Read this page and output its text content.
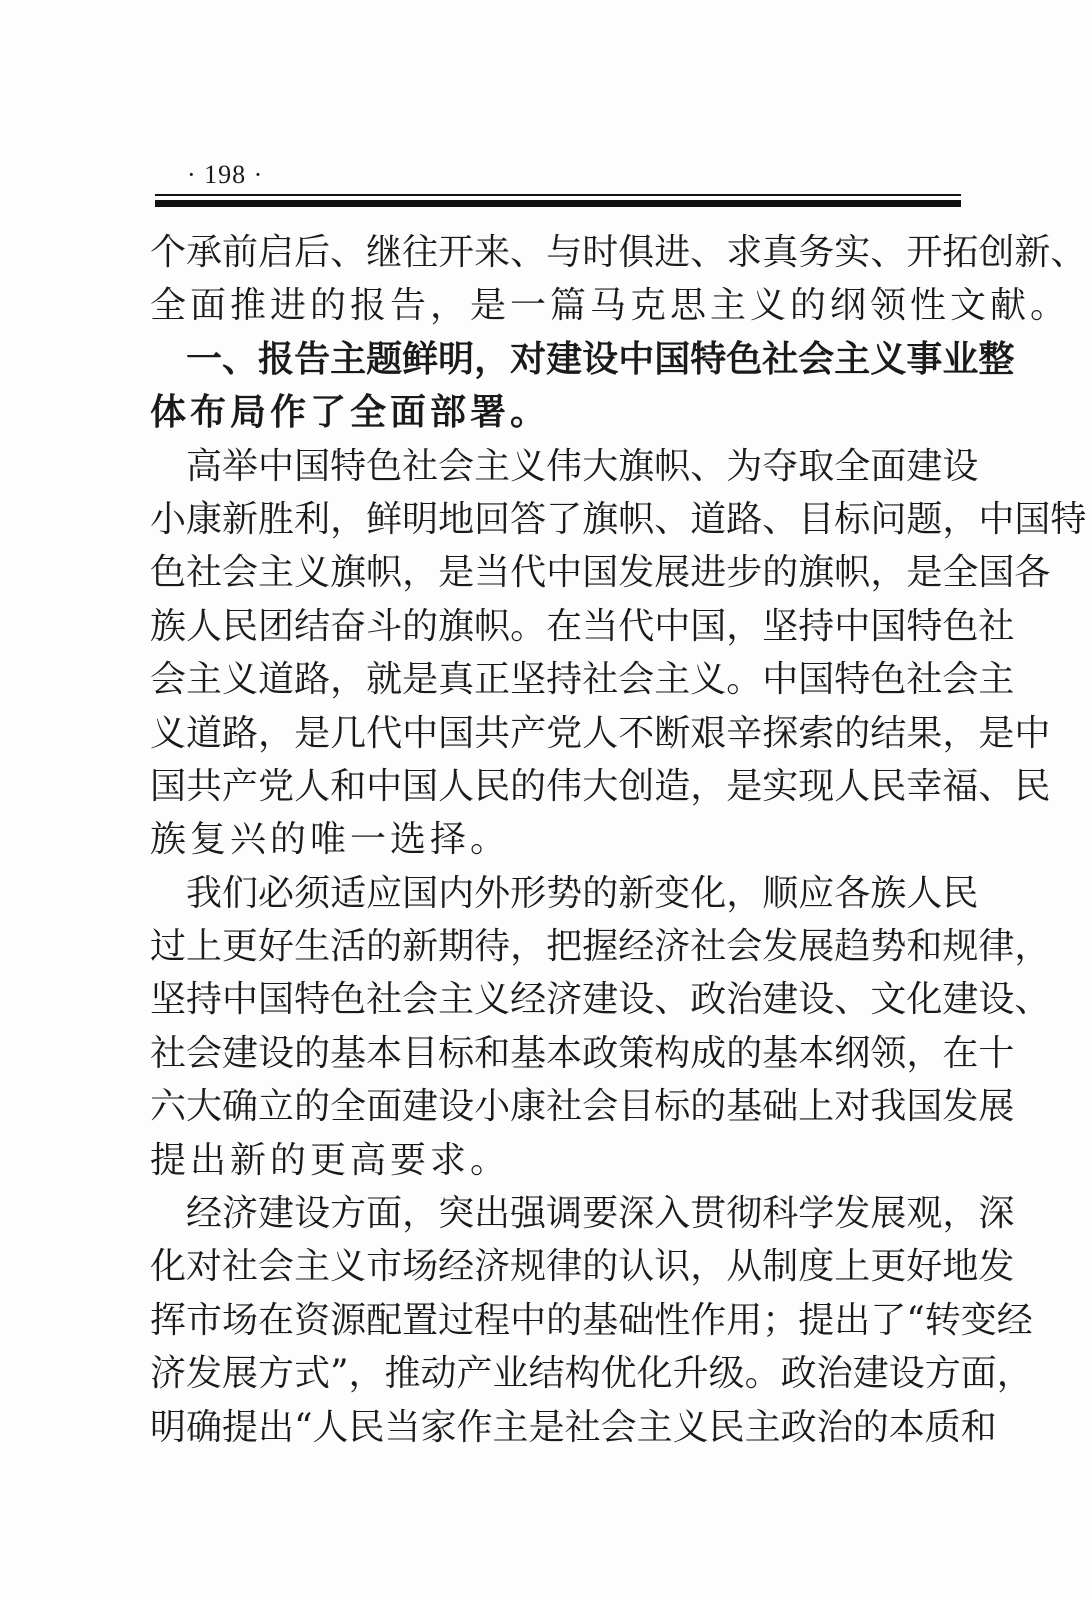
· 198 ·
个 承 前 启 后 、 继 往 开 来 、 与 时 俱 进 、 求 真 务 实 、 开 拓 创 新 、
全面推进的报告，是一篇马克思主义的纲领性文献。

一 、 报 告 主 题 鲜 明 ， 对 建 设 中 国 特 色 社 会 主 义 事 业 整
体布局作了全面部署。

高 举 中 国 特 色 社 会 主 义 伟 大 旗 帜 、 为 夺 取 全 面 建 设
小 康 新 胜 利 ， 鲜 明 地 回 答 了 旗 帜 、 道 路 、 目 标 问 题 ， 中 国 特
色 社 会 主 义 旗 帜 ， 是 当 代 中 国 发 展 进 步 的 旗 帜 ， 是 全 国 各
族 人 民 团 结 奋 斗 的 旗 帜 。 在 当 代 中 国 ， 坚 持 中 国 特 色 社
会 主 义 道 路 ， 就 是 真 正 坚 持 社 会 主 义 。 中 国 特 色 社 会 主
义 道 路 ， 是 几 代 中 国 共 产 党 人 不 断 艰 辛 探 索 的 结 果 ， 是 中
国 共 产 党 人 和 中 国 人 民 的 伟 大 创 造 ， 是 实 现 人 民 幸 福 、 民
族复兴的唯一选择。

我 们 必 须 适 应 国 内 外 形 势 的 新 变 化 ， 顺 应 各 族 人 民
过 上 更 好 生 活 的 新 期 待 ， 把 握 经 济 社 会 发 展 趋 势 和 规 律 ，
坚 持 中 国 特 色 社 会 主 义 经 济 建 设 、 政 治 建 设 、 文 化 建 设 、
社 会 建 设 的 基 本 目 标 和 基 本 政 策 构 成 的 基 本 纲 领 ， 在 十
六 大 确 立 的 全 面 建 设 小 康 社 会 目 标 的 基 础 上 对 我 国 发 展
提出新的更高要求。

经 济 建 设 方 面 ， 突 出 强 调 要 深 入 贯 彻 科 学 发 展 观 ， 深
化 对 社 会 主 义 市 场 经 济 规 律 的 认 识 ， 从 制 度 上 更 好 地 发
挥 市 场 在 资 源 配 置 过 程 中 的 基 础 性 作 用 ； 提 出 了 “ 转 变 经
济 发 展 方 式 ” ， 推 动 产 业 结 构 优 化 升 级 。 政 治 建 设 方 面 ，
明 确 提 出 “ 人 民 当 家 作 主 是 社 会 主 义 民 主 政 治 的 本 质 和
